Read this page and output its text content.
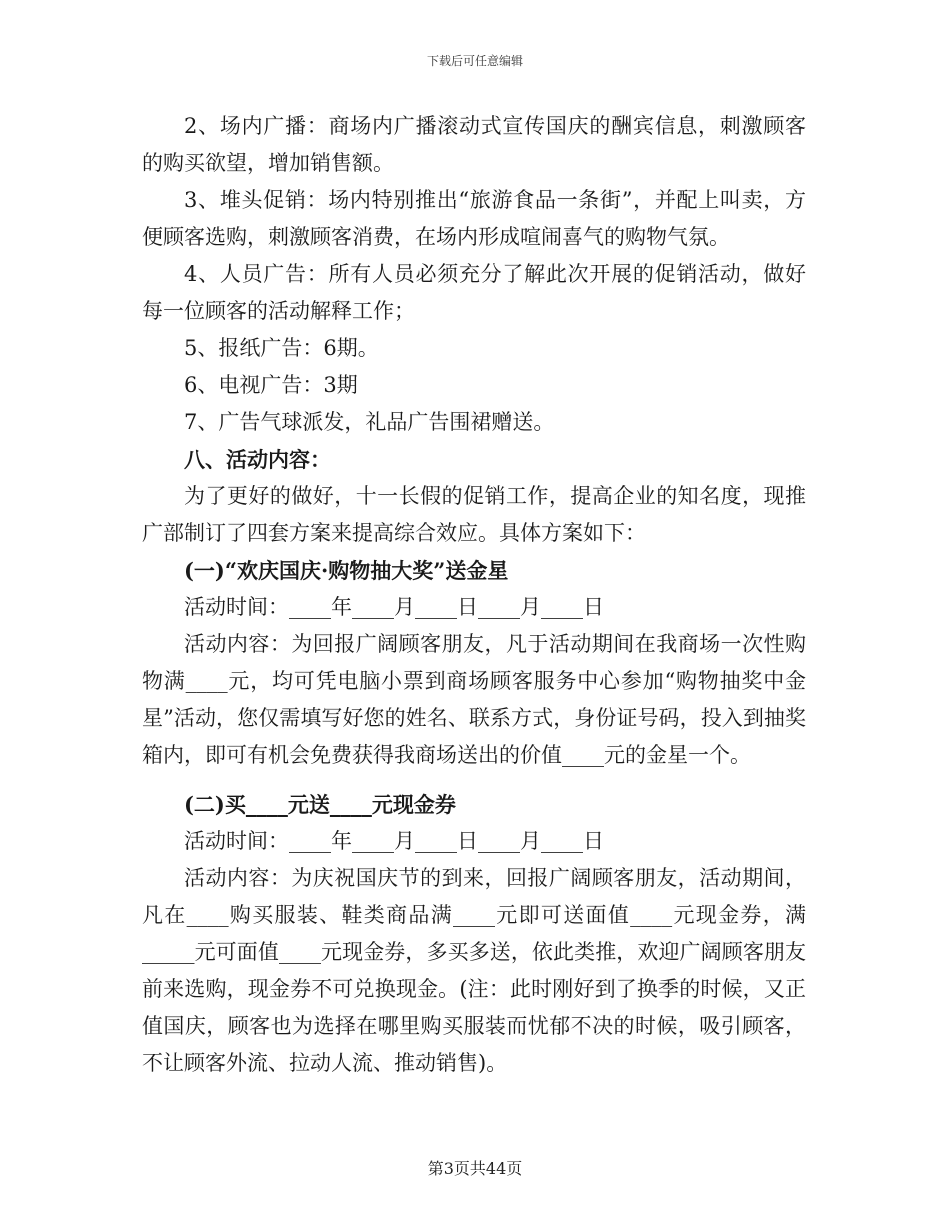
下载后可任意编辑

2、场内广播：商场内广播滚动式宣传国庆的酬宾信息，刺激顾客的购买欲望，增加销售额。

3、堆头促销：场内特别推出“旅游食品一条街”，并配上叫卖，方便顾客选购，刺激顾客消费，在场内形成喧闹喜气的购物气氛。

4、人员广告：所有人员必须充分了解此次开展的促销活动，做好每一位顾客的活动解释工作；

5、报纸广告：6期。

6、电视广告：3期

7、广告气球派发，礼品广告围裙赠送。

八、活动内容：

为了更好的做好，十一长假的促销工作，提高企业的知名度，现推广部制订了四套方案来提高综合效应。具体方案如下：

(一)“欢庆国庆·购物抽大奖”送金星

活动时间：____年____月____日____月____日

活动内容：为回报广阔顾客朋友，凡于活动期间在我商场一次性购物满____元，均可凭电脑小票到商场顾客服务中心参加“购物抽奖中金星”活动，您仅需填写好您的姓名、联系方式，身份证号码，投入到抽奖箱内，即可有机会免费获得我商场送出的价值____元的金星一个。

(二)买____元送____元现金券

活动时间：____年____月____日____月____日

活动内容：为庆祝国庆节的到来，回报广阔顾客朋友，活动期间，凡在____购买服装、鞋类商品满____元即可送面值____元现金券，满_____元可面值____元现金券，多买多送，依此类推，欢迎广阔顾客朋友前来选购，现金券不可兑换现金。(注：此时刚好到了换季的时候，又正值国庆，顾客也为选择在哪里购买服装而忧郁不决的时候，吸引顾客，不让顾客外流、拉动人流、推动销售)。

第3页共44页
